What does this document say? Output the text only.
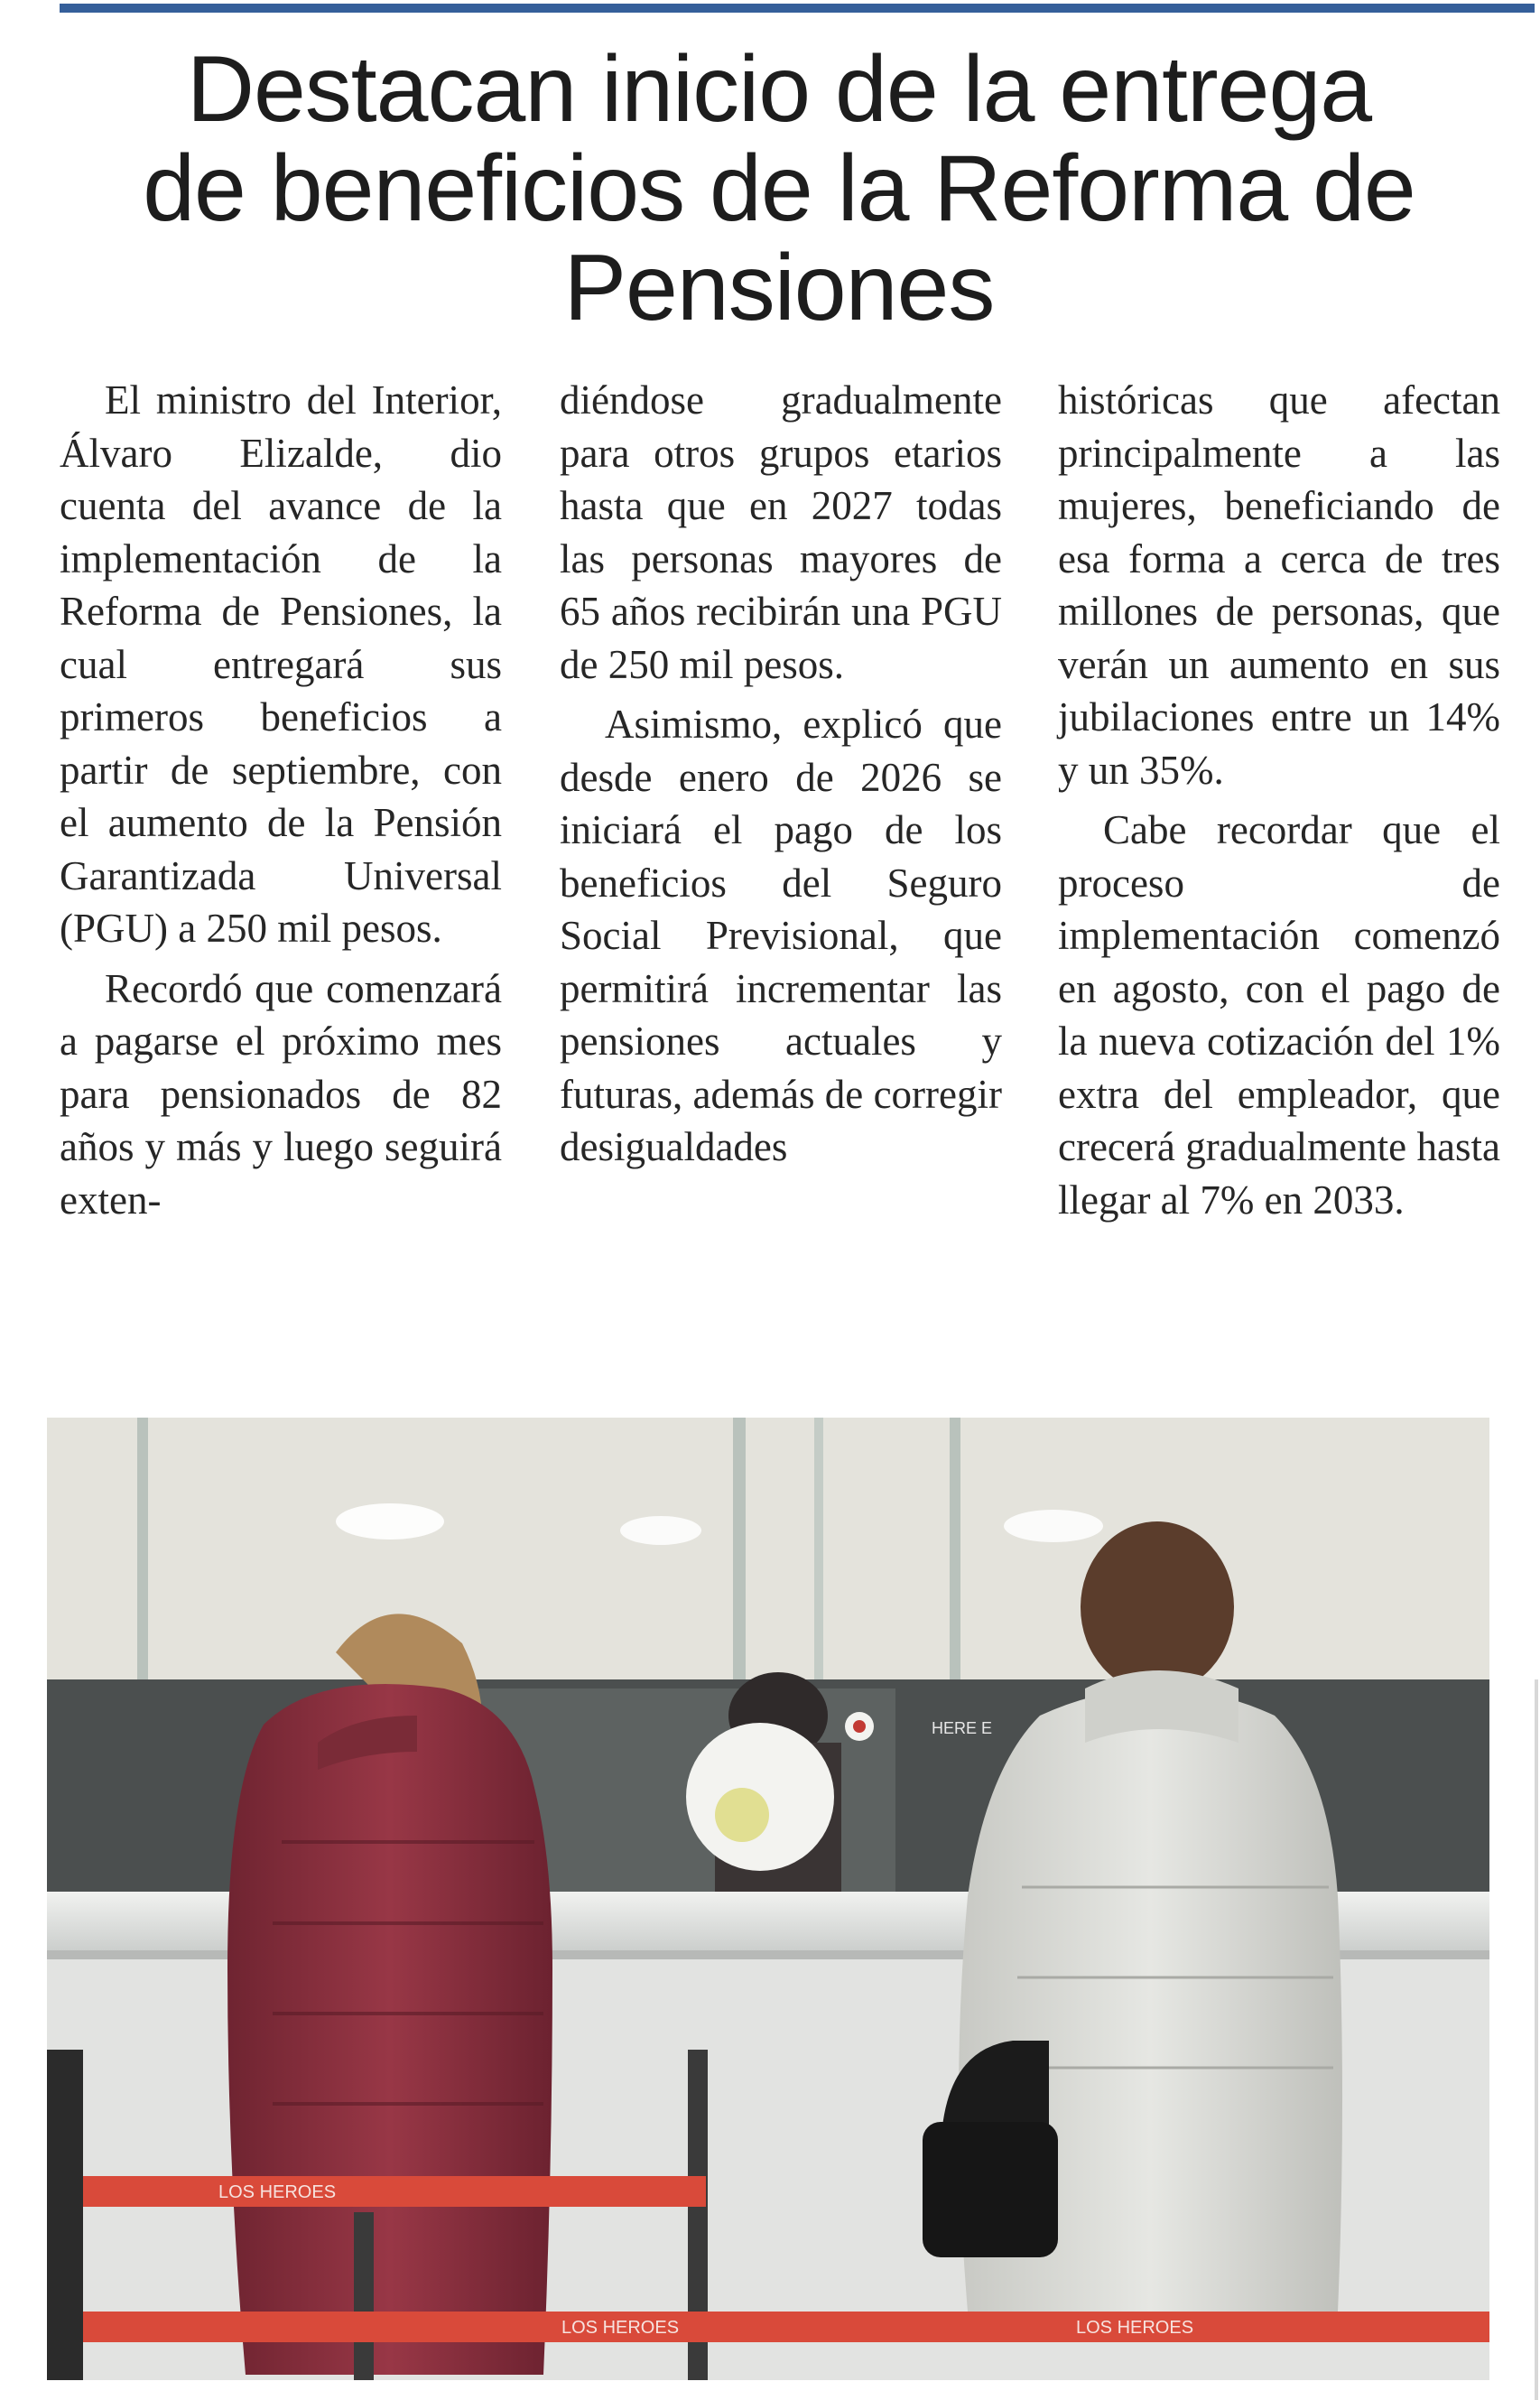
Destacan inicio de la entrega
de beneficios de la Reforma de
Pensiones

El ministro del Interior, Álvaro Elizalde, dio cuenta del avance de la implementación de la Reforma de Pensiones, la cual entregará sus primeros beneficios a partir de septiembre, con el aumento de la Pensión Garantizada Universal (PGU) a 250 mil pesos.

Recordó que comenzará a pagarse el próximo mes para pensionados de 82 años y más y luego seguirá exten-

diéndose gradualmente para otros grupos etarios hasta que en 2027 todas las personas mayores de 65 años recibirán una PGU de 250 mil pesos.

Asimismo, explicó que desde enero de 2026 se iniciará el pago de los beneficios del Seguro Social Previsional, que permitirá incrementar las pensiones actuales y futuras, además de corregir desigualdades

históricas que afectan principalmente a las mujeres, beneficiando de esa forma a cerca de tres millones de personas, que verán un aumento en sus jubilaciones entre un 14% y un 35%.

Cabe recordar que el proceso de implementación comenzó en agosto, con el pago de la nueva cotización del 1% extra del empleador, que crecerá gradualmente hasta llegar al 7% en 2033.

HERE E
LOS HEROES
LOS HEROES	LOS HEROES
